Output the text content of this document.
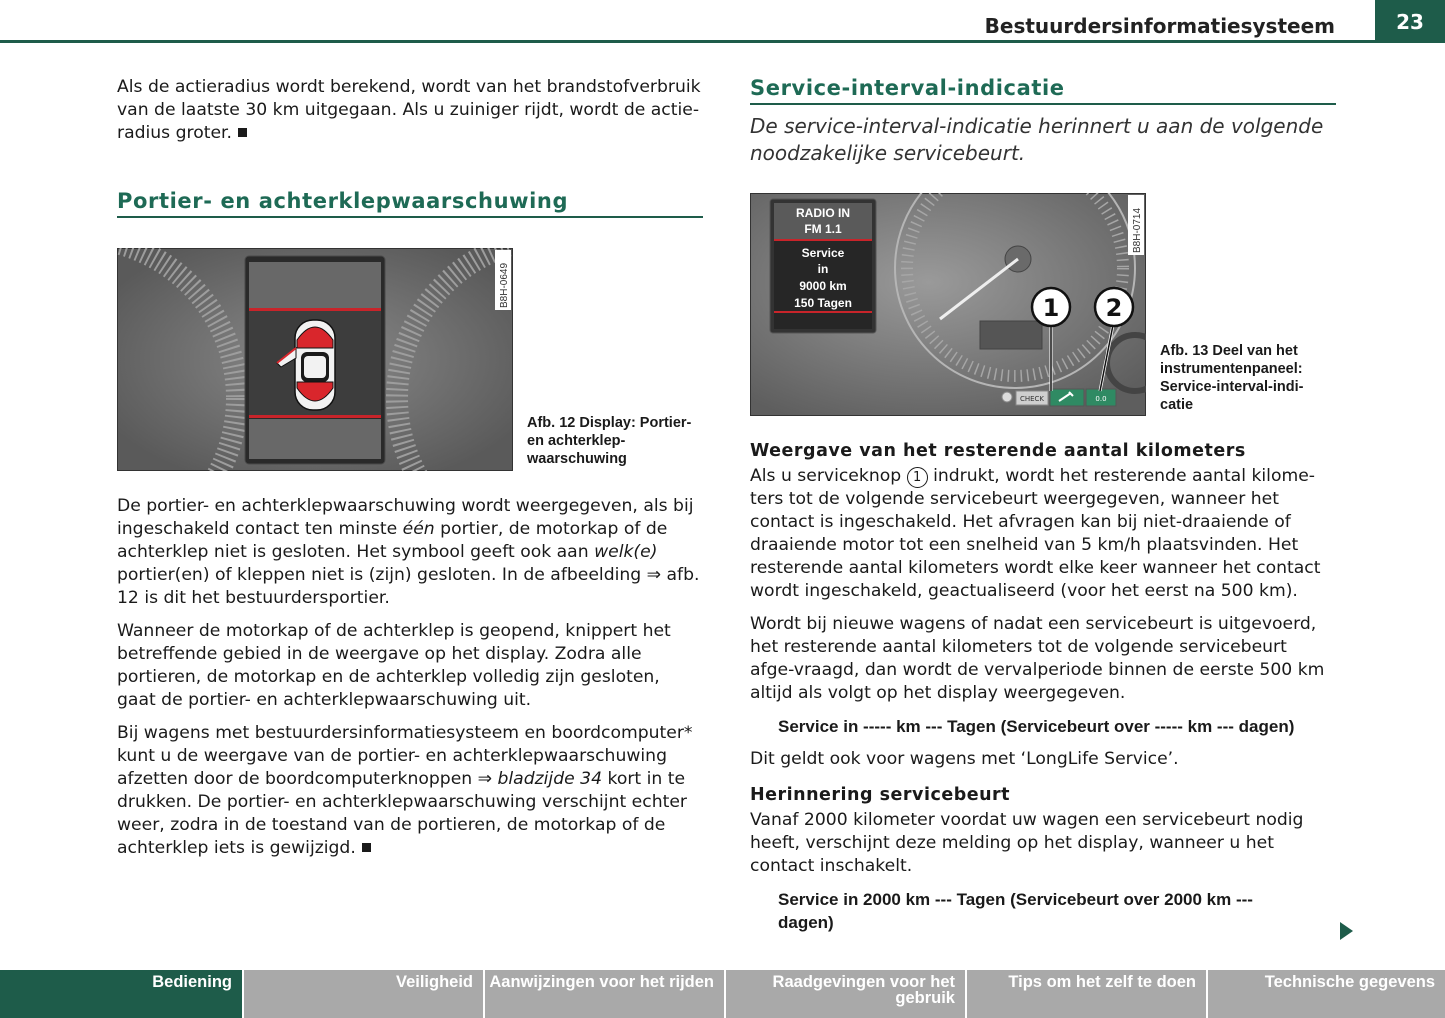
Bestuurdersinformatiesysteem	23

Als de actieradius wordt berekend, wordt van het brandstofverbruik van de laatste 30 km uitgegaan. Als u zuiniger rijdt, wordt de actie-radius groter.

Portier- en achterklepwaarschuwing
B8H-0649
Afb. 12 Display: Portier- en achterklep-waarschuwing

De portier- en achterklepwaarschuwing wordt weergegeven, als bij ingeschakeld contact ten minste één portier, de motorkap of de achterklep niet is gesloten. Het symbool geeft ook aan welk(e) portier(en) of kleppen niet is (zijn) gesloten. In de afbeelding ⇒ afb. 12 is dit het bestuurdersportier.

Wanneer de motorkap of de achterklep is geopend, knippert het betreffende gebied in de weergave op het display. Zodra alle portieren, de motorkap en de achterklep volledig zijn gesloten, gaat de portier- en achterklepwaarschuwing uit.

Bij wagens met bestuurdersinformatiesysteem en boordcomputer* kunt u de weergave van de portier- en achterklepwaarschuwing afzetten door de boordcomputerknoppen ⇒ bladzijde 34 kort in te drukken. De portier- en achterklepwaarschuwing verschijnt echter weer, zodra in de toestand van de portieren, de motorkap of de achterklep iets is gewijzigd.

Service-interval-indicatie
De service-interval-indicatie herinnert u aan de volgende noodzakelijke servicebeurt.
RADIO IN
FM 1.1
Service
in
9000 km
150 Tagen
CHECK	0.0
1 2
B8H-0714
Afb. 13 Deel van het instrumentenpaneel: Service-interval-indi-catie
Weergave van het resterende aantal kilometers

Als u serviceknop 1 indrukt, wordt het resterende aantal kilome-ters tot de volgende servicebeurt weergegeven, wanneer het contact is ingeschakeld. Het afvragen kan bij niet-draaiende of draaiende motor tot een snelheid van 5 km/h plaatsvinden. Het resterende aantal kilometers wordt elke keer wanneer het contact wordt ingeschakeld, geactualiseerd (voor het eerst na 500 km).

Wordt bij nieuwe wagens of nadat een servicebeurt is uitgevoerd, het resterende aantal kilometers tot de volgende servicebeurt afge-vraagd, dan wordt de vervalperiode binnen de eerste 500 km altijd als volgt op het display weergegeven.

Service in ----- km --- Tagen (Servicebeurt over ----- km --- dagen)

Dit geldt ook voor wagens met ‘LongLife Service’.

Herinnering servicebeurt

Vanaf 2000 kilometer voordat uw wagen een servicebeurt nodig heeft, verschijnt deze melding op het display, wanneer u het contact inschakelt.

Service in 2000 km --- Tagen (Servicebeurt over 2000 km --- dagen)

Bediening	Veiligheid Aanwijzingen voor het rijden	Raadgevingen voor het gebruik
Tips om het zelf te doen	Technische gegevens
